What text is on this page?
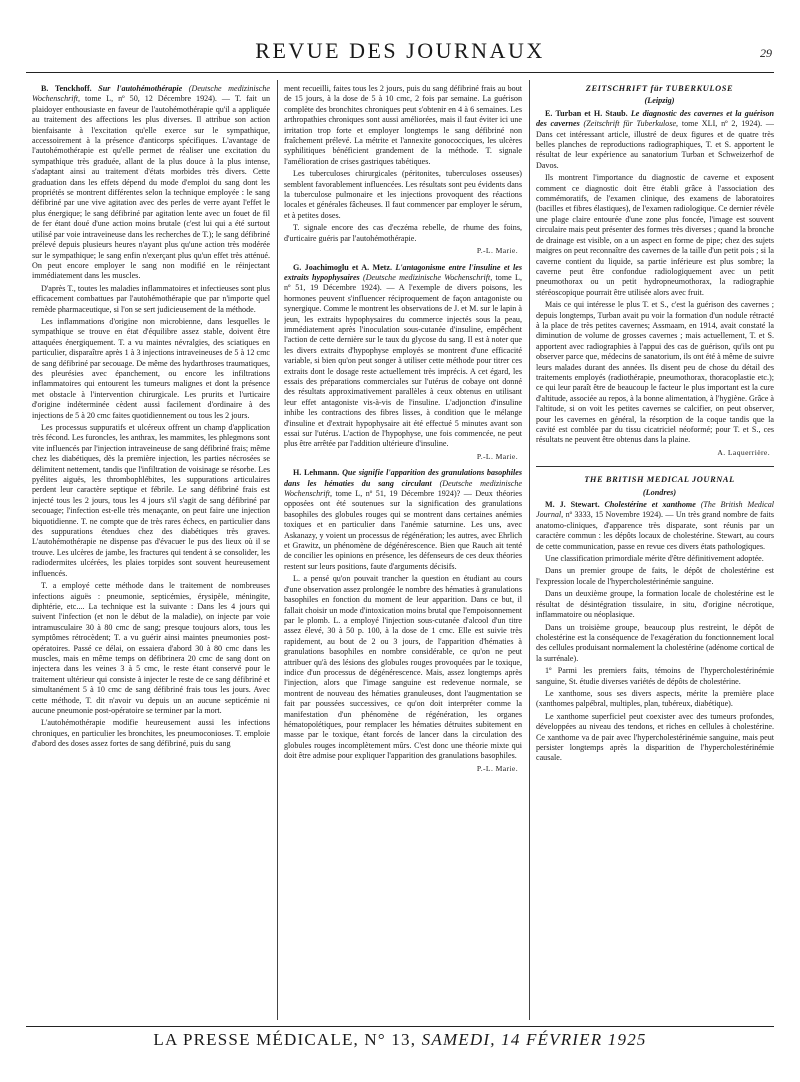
REVUE DES JOURNAUX	29

B. Tenckhoff. Sur l'autohémothérapie (Deutsche medizinische Wochenschrift, tome L, nº 50, 12 Décembre 1924). — T. fait un plaidoyer enthousiaste en faveur de l'autohémothérapie qu'il a appliquée au traitement des affections les plus diverses. Il attribue son action bienfaisante à l'excitation qu'elle exerce sur le sympathique, accessoirement à la présence d'anticorps spécifiques. L'avantage de l'autohémothérapie est qu'elle permet de réaliser une excitation du sympathique très graduée, allant de la plus douce à la plus intense, s'adaptant ainsi au traitement d'états morbides très divers. Cette graduation dans les effets dépend du mode d'emploi du sang dont les propriétés se montrent différentes selon la technique employée : le sang défibriné par une vive agitation avec des perles de verre ayant l'effet le plus énergique; le sang défibriné par agitation lente avec un fouet de fil de fer étant doué d'une action moins brutale (c'est lui qui a été surtout utilisé par voie intraveineuse dans les recherches de T.); le sang défibriné prélevé depuis plusieurs heures n'ayant plus qu'une action très modérée sur le sympathique; le sang enfin n'exerçant plus qu'un effet très atténué. On peut encore employer le sang non modifié en le réinjectant immédiatement dans les muscles.

D'après T., toutes les maladies inflammatoires et infectieuses sont plus efficacement combattues par l'autohémothérapie que par n'importe quel remède pharmaceutique, si l'on se sert judicieusement de la méthode.

Les inflammations d'origine non microbienne, dans lesquelles le sympathique se trouve en état d'équilibre assez stable, doivent être attaquées énergiquement. T. a vu maintes névralgies, des sciatiques en particulier, disparaître après 1 à 3 injections intraveineuses de 5 à 12 cmc de sang défibriné par secouage. De même des hydarthroses traumatiques, des pleurésies avec épanchement, ou encore les infiltrations inflammatoires qui entourent les tumeurs malignes et dont la présence met obstacle à l'intervention chirurgicale. Les prurits et l'urticaire d'origine indéterminée cèdent aussi facilement d'ordinaire à des injections de 5 à 20 cmc faites quotidiennement ou tous les 2 jours.

Les processus suppuratifs et ulcéreux offrent un champ d'application très fécond. Les furoncles, les anthrax, les mammites, les phlegmons sont vite influencés par l'injection intraveineuse de sang défibriné frais; même chez les diabétiques, dès la première injection, les parties nécrosées se délimitent nettement, tandis que l'infiltration de voisinage se résorbe. Les pyélites aiguës, les thrombophlébites, les suppurations articulaires perdent leur caractère septique et fébrile. Le sang défibriné frais est injecté tous les 2 jours, tous les 4 jours s'il s'agit de sang défibriné par secouage; l'infection est-elle très menaçante, on peut faire une injection biquotidienne. T. ne compte que de très rares échecs, en particulier dans des suppurations étendues chez des diabétiques très graves. L'autohémothérapie ne dispense pas d'évacuer le pus des lieux où il se trouve. Les ulcères de jambe, les fractures qui tendent à se consolider, les radiodermites ulcérées, les plaies torpides sont souvent heureusement influencés.

T. a employé cette méthode dans le traitement de nombreuses infections aiguës : pneumonie, septicémies, érysipèle, méningite, diphtérie, etc.... La technique est la suivante : Dans les 4 jours qui suivent l'infection (et non le début de la maladie), on injecte par voie intramusculaire 30 à 80 cmc de sang; presque toujours alors, tous les symptômes rétrocèdent; T. a vu guérir ainsi maintes pneumonies post-opératoires. Passé ce délai, on essaiera d'abord 30 à 80 cmc dans les muscles, mais en même temps on défibrinera 20 cmc de sang dont on injectera dans les veines 3 à 5 cmc, le reste étant conservé pour le traitement ultérieur qui consiste à injecter le reste de ce sang défibriné et simultanément 5 à 10 cmc de sang défibriné frais tous les jours. Avec cette méthode, T. dit n'avoir vu depuis un an aucune septicémie ni aucune pneumonie post-opératoire se terminer par la mort.

L'autohémothérapie modifie heureusement aussi les infections chroniques, en particulier les bronchites, les pneumoconioses. T. emploie d'abord des doses assez fortes de sang défibriné, puis du sang

ment recueilli, faites tous les 2 jours, puis du sang défibriné frais au bout de 15 jours, à la dose de 5 à 10 cmc, 2 fois par semaine. La guérison complète des bronchites chroniques peut s'obtenir en 4 à 6 semaines. Les arthropathies chroniques sont aussi améliorées, mais il faut éviter ici une irritation trop forte et employer longtemps le sang défibriné non fraîchement prélevé. La métrite et l'annexite gonococciques, les ulcères syphilitiques bénéficient grandement de la méthode. T. signale l'amélioration de crises gastriques tabétiques.

Les tuberculoses chirurgicales (péritonites, tuberculoses osseuses) semblent favorablement influencées. Les résultats sont peu évidents dans la tuberculose pulmonaire et les injections provoquent des réactions locales et générales fâcheuses. Il faut commencer par employer le sérum, et à petites doses.

T. signale encore des cas d'eczéma rebelle, de rhume des foins, d'urticaire guéris par l'autohémothérapie.

P.-L. Marie.

G. Joachimoglu et A. Metz. L'antagonisme entre l'insuline et les extraits hypophysaires (Deutsche medizinische Wochenschrift, tome L, nº 51, 19 Décembre 1924). — A l'exemple de divers poisons, les hormones peuvent s'influencer réciproquement de façon antagoniste ou synergique. Comme le montrent les observations de J. et M. sur le lapin à jeun, les extraits hypophysaires du commerce injectés sous la peau, immédiatement après l'inoculation sous-cutanée d'insuline, empêchent l'action de cette dernière sur le taux du glycose du sang. Il est à noter que les divers extraits d'hypophyse employés se montrent d'une efficacité variable, si bien qu'on peut songer à utiliser cette méthode pour titrer ces extraits dont le dosage reste actuellement très imprécis. A cet égard, les essais des préparations commerciales sur l'utérus de cobaye ont donné des résultats approximativement parallèles à ceux obtenus en utilisant leur effet antagoniste vis-à-vis de l'insuline. L'adjonction d'insuline inhibe les contractions des fibres lisses, à condition que le mélange d'insuline et d'extrait hypophysaire ait été effectué 5 minutes avant son essai sur l'utérus. L'action de l'hypophyse, une fois commencée, ne peut plus être arrêtée par l'addition ultérieure d'insuline.

P.-L. Marie.

H. Lehmann. Que signifie l'apparition des granulations basophiles dans les hématies du sang circulant (Deutsche medizinische Wochenschrift, tome L, nº 51, 19 Décembre 1924)? — Deux théories opposées ont été soutenues sur la signification des granulations basophiles des globules rouges qui se montrent dans certaines anémies toxiques et en particulier dans l'anémie saturnine. Les uns, avec Askanazy, y voient un processus de régénération; les autres, avec Ehrlich et Grawitz, un phénomène de dégénérescence. Bien que Rauch ait tenté de concilier les opinions en présence, les défenseurs de ces deux théories restent sur leurs positions, faute d'arguments décisifs.

L. a pensé qu'on pouvait trancher la question en étudiant au cours d'une observation assez prolongée le nombre des hématies à granulations basophiles en fonction du moment de leur apparition. Dans ce but, il fallait choisir un mode d'intoxication moins brutal que l'empoisonnement par le plomb. L. a employé l'injection sous-cutanée d'alcool d'un titre assez élevé, 30 à 50 p. 100, à la dose de 1 cmc. Elle est suivie très rapidement, au bout de 2 ou 3 jours, de l'apparition d'hématies à granulations basophiles en nombre considérable, ce qu'on ne peut attribuer qu'à des lésions des globules rouges provoquées par le toxique, indice d'un processus de dégénérescence. Mais, assez longtemps après l'injection, alors que l'image sanguine est redevenue normale, se montrent de nouveau des hématies granuleuses, dont l'augmentation se fait par poussées successives, ce qu'on doit interpréter comme la manifestation d'un phénomène de régénération, les organes hématopoïétiques, pour remplacer les hématies détruites subitement en masse par le toxique, étant forcés de lancer dans la circulation des globules rouges incomplètement mûrs. C'est donc une théorie mixte qui doit être admise pour expliquer l'apparition des granulations basophiles.

P.-L. Marie.

ZEITSCHRIFT für TUBERKULOSE

(Leipzig)

E. Turban et H. Staub. Le diagnostic des cavernes et la guérison des cavernes (Zeitschrift für Tuberkulose, tome XLI, nº 2, 1924). — Dans cet intéressant article, illustré de deux figures et de quatre très belles planches de reproductions radiographiques, T. et S. apportent le résultat de leur expérience au sanatorium Turban et Schweizerhof de Davos.

Ils montrent l'importance du diagnostic de caverne et exposent comment ce diagnostic doit être établi grâce à l'association des commémoratifs, de l'examen clinique, des examens de laboratoires (bacilles et fibres élastiques), de l'examen radiologique. Ce dernier révèle une plage claire entourée d'une zone plus foncée, l'image est souvent circulaire mais peut présenter des formes très diverses ; quand la bronche de drainage est visible, on a un aspect en forme de pipe; chez des sujets maigres on peut reconnaître des cavernes de la taille d'un petit pois ; si la caverne contient du liquide, sa partie inférieure est plus sombre; la caverne peut être confondue radiologiquement avec un petit pneumothorax ou un petit hydropneumothorax, la radiographie stéréoscopique pourrait être utilisée alors avec fruit.

Mais ce qui intéresse le plus T. et S., c'est la guérison des cavernes ; depuis longtemps, Turban avait pu voir la formation d'un nodule rétracté à la place de très petites cavernes; Assmaam, en 1914, avait constaté la diminution de volume de grosses cavernes ; mais actuellement, T. et S. apportent avec radiographies à l'appui des cas de guérison, qu'ils ont pu observer parce que, médecins de sanatorium, ils ont été à même de suivre leurs malades durant des années. Ils disent peu de chose du détail des traitements employés (radiothérapie, pneumothorax, thoracoplastie etc.); ce qui leur paraît être de beaucoup le facteur le plus important est la cure d'altitude, associée au repos, à la bonne alimentation, à l'hygiène. Grâce à l'altitude, si on voit les petites cavernes se calcifier, on peut observer, pour les cavernes en général, la résorption de la coque tandis que la cavité est comblée par du tissu cicatriciel néoformé; pour T. et S., ces résultats ne peuvent être obtenus dans la plaine.

A. Laquerrière.

THE BRITISH MEDICAL JOURNAL

(Londres)

M. J. Stewart. Cholestérine et xanthome (The British Medical Journal, nº 3333, 15 Novembre 1924). — Un très grand nombre de faits anatomo-cliniques, d'apparence très disparate, sont réunis par un caractère commun : les dépôts locaux de cholestérine. Stewart, au cours de cette communication, passe en revue ces divers états pathologiques.

Une classification primordiale mérite d'être définitivement adoptée.

Dans un premier groupe de faits, le dépôt de cholestérine est l'expression locale de l'hypercholestérinémie sanguine.

Dans un deuxième groupe, la formation locale de cholestérine est le résultat de désintégration tissulaire, in situ, d'origine nécrotique, inflammatoire ou néoplasique.

Dans un troisième groupe, beaucoup plus restreint, le dépôt de cholestérine est la conséquence de l'exagération du fonctionnement local des cellules produisant normalement la cholestérine (adénome cortical de la surrénale).

1º Parmi les premiers faits, témoins de l'hypercholestérinémie sanguine, St. étudie diverses variétés de dépôts de cholestérine.

Le xanthome, sous ses divers aspects, mérite la première place (xanthomes palpébral, multiples, plan, tubéreux, diabétique).

Le xanthome superficiel peut coexister avec des tumeurs profondes, développées au niveau des tendons, et riches en cellules à cholestérine. Ce xanthome va de pair avec l'hypercholestérinémie sanguine, mais peut persister longtemps après la disparition de l'hypercholestérinémie causale.

LA PRESSE MÉDICALE, N° 13, SAMEDI, 14 FÉVRIER 1925
